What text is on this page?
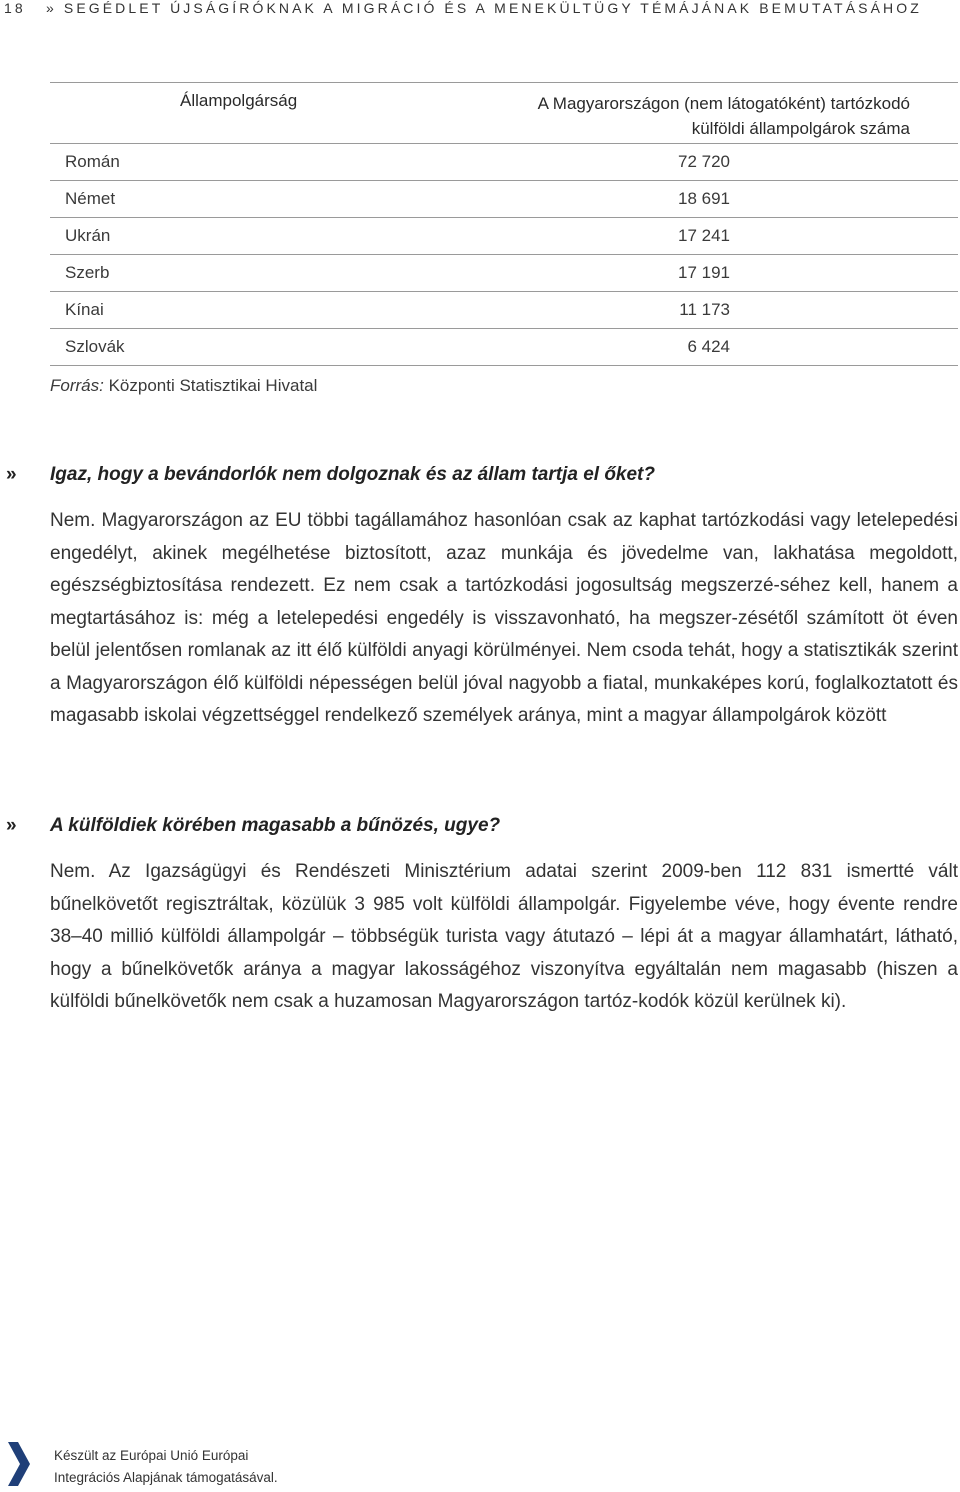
18 » SEGÉDLET ÚJSÁGÍRÓKNAK A MIGRÁCIÓ ÉS A MENEKÜLTÜGY TÉMÁJÁNAK BEMUTATÁSÁHOZ
Állampolgárság	A Magyarországon (nem látogatóként) tartózkodó
külföldi állampolgárok száma
Román	72 720
Német	18 691
Ukrán	17 241
Szerb	17 191
Kínai	11 173
Szlovák	6 424
Forrás: Központi Statisztikai Hivatal
» Igaz, hogy a bevándorlók nem dolgoznak és az állam tartja el őket?
Nem. Magyarországon az EU többi tagállamához hasonlóan csak az kaphat tartózkodási vagy letelepedési engedélyt, akinek megélhetése biztosított, azaz munkája és jövedelme van, lakhatása megoldott, egészségbiztosítása rendezett. Ez nem csak a tartózkodási jogosultság megszerzé-séhez kell, hanem a megtartásához is: még a letelepedési engedély is visszavonható, ha megszer-zésétől számított öt éven belül jelentősen romlanak az itt élő külföldi anyagi körülményei. Nem csoda tehát, hogy a statisztikák szerint a Magyarországon élő külföldi népességen belül jóval nagyobb a fiatal, munkaképes korú, foglalkoztatott és magasabb iskolai végzettséggel rendelkező személyek aránya, mint a magyar állampolgárok között
» A külföldiek körében magasabb a bűnözés, ugye?
Nem. Az Igazságügyi és Rendészeti Minisztérium adatai szerint 2009-ben 112 831 ismertté vált bűnelkövetőt regisztráltak, közülük 3 985 volt külföldi állampolgár. Figyelembe véve, hogy évente rendre 38–40 millió külföldi állampolgár – többségük turista vagy átutazó – lépi át a magyar államhatárt, látható, hogy a bűnelkövetők aránya a magyar lakosságéhoz viszonyítva egyáltalán nem magasabb (hiszen a külföldi bűnelkövetők nem csak a huzamosan Magyarországon tartóz-kodók közül kerülnek ki).
Készült az Európai Unió Európai
Integrációs Alapjának támogatásával.
